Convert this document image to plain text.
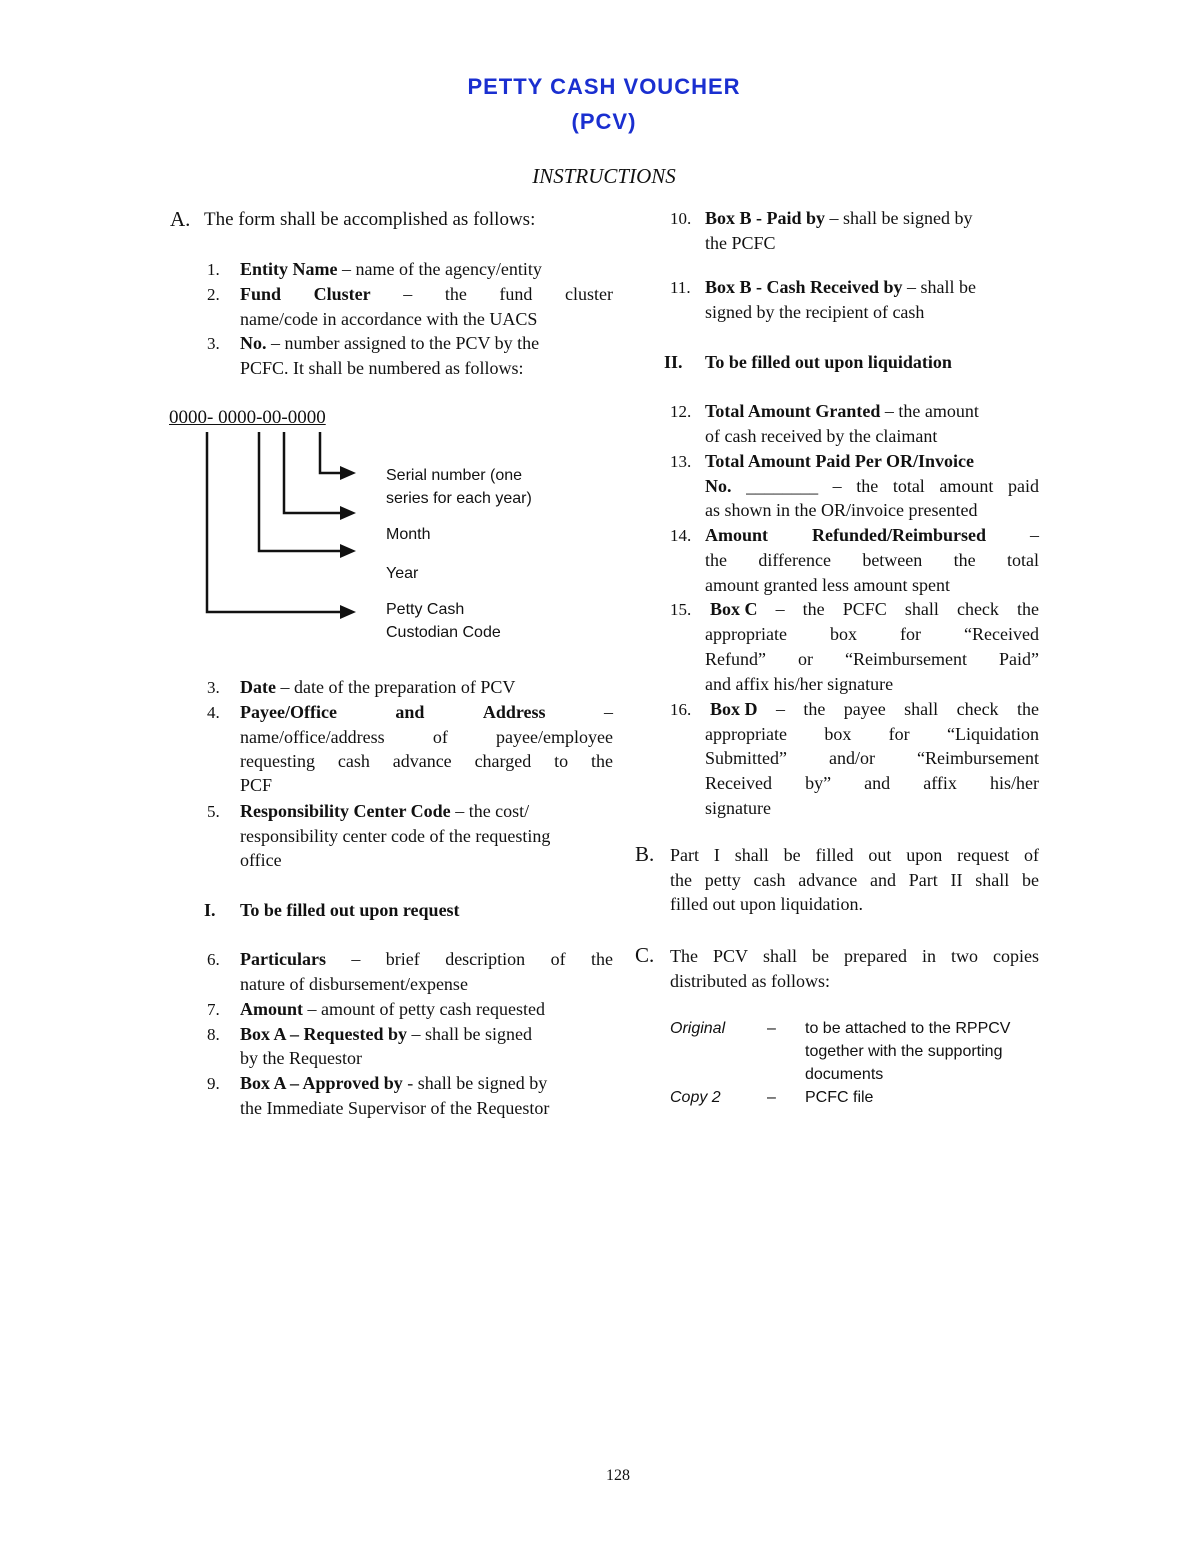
PETTY CASH VOUCHER
(PCV)
INSTRUCTIONS
A. The form shall be accomplished as follows:
1. Entity Name – name of the agency/entity
2. Fund Cluster – the fund cluster
name/code in accordance with the UACS
3. No. – number assigned to the PCV by the
PCFC. It shall be numbered as follows:
0000- 0000-00-0000
Serial number (one
series for each year)
Month
Year
Petty Cash
Custodian Code
3. Date – date of the preparation of PCV
4. Payee/Office	and	Address	–
name/office/address	of	payee/employee
requesting cash advance charged to the
PCF
5. Responsibility Center Code – the cost/
responsibility center code of the requesting
office
I. To be filled out upon request
6. Particulars – brief description of the
nature of disbursement/expense
7. Amount – amount of petty cash requested
8. Box A – Requested by – shall be signed
by the Requestor
9. Box A – Approved by - shall be signed by
the Immediate Supervisor of the Requestor
10. Box B - Paid by – shall be signed by
the PCFC
11. Box B - Cash Received by – shall be
signed by the recipient of cash
II. To be filled out upon liquidation
12. Total Amount Granted – the amount
of cash received by the claimant
13. Total Amount Paid Per OR/Invoice
No. ________ – the total amount paid
as shown in the OR/invoice presented
14. Amount Refunded/Reimbursed –
the difference between the total
amount granted less amount spent
15. Box C – the PCFC shall check the
appropriate box for “Received
Refund” or “Reimbursement Paid”
and affix his/her signature
16. Box D – the payee shall check the
appropriate box for “Liquidation
Submitted” and/or “Reimbursement
Received by” and affix his/her
signature
B. Part I shall be filled out upon request of
the petty cash advance and Part II shall be
filled out upon liquidation.
C. The PCV shall be prepared in two copies
distributed as follows:
Original	– to be attached to the RPPCV
together with the supporting
documents
Copy 2	– PCFC file
128
